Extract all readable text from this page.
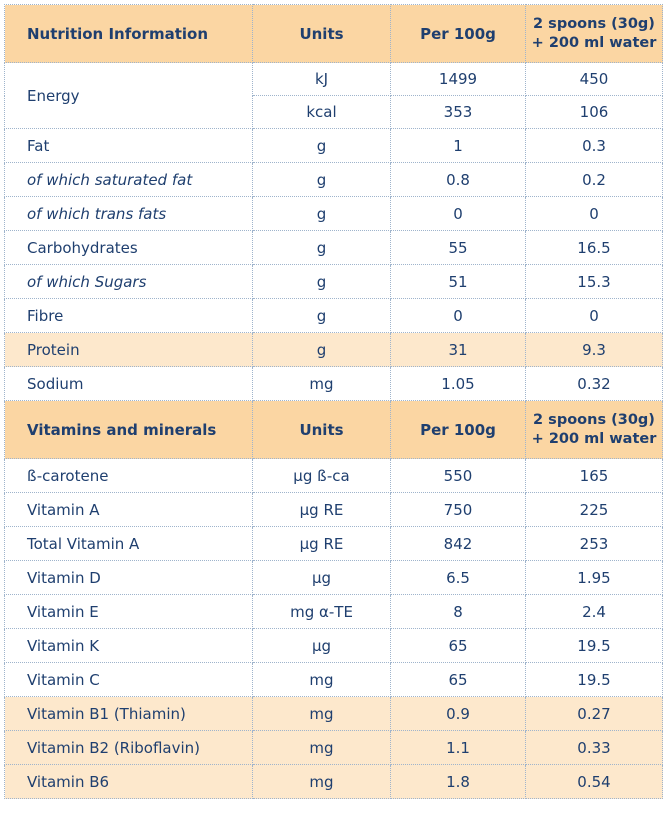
Nutrition Information	Units	Per 100g	2 spoons (30g)
+ 200 ml water
Energy	kJ	1499	450
	kcal	353	106
Fat	g	1	0.3
of which saturated fat	g	0.8	0.2
of which trans fats	g	0	0
Carbohydrates	g	55	16.5
of which Sugars	g	51	15.3
Fibre	g	0	0
Protein	g	31	9.3
Sodium	mg	1.05	0.32
Vitamins and minerals	Units	Per 100g	2 spoons (30g)
+ 200 ml water
ß-carotene	µg ß-ca	550	165
Vitamin A	µg RE	750	225
Total Vitamin A	µg RE	842	253
Vitamin D	µg	6.5	1.95
Vitamin E	mg α-TE	8	2.4
Vitamin K	µg	65	19.5
Vitamin C	mg	65	19.5
Vitamin B1 (Thiamin)	mg	0.9	0.27
Vitamin B2 (Riboflavin)	mg	1.1	0.33
Vitamin B6	mg	1.8	0.54
